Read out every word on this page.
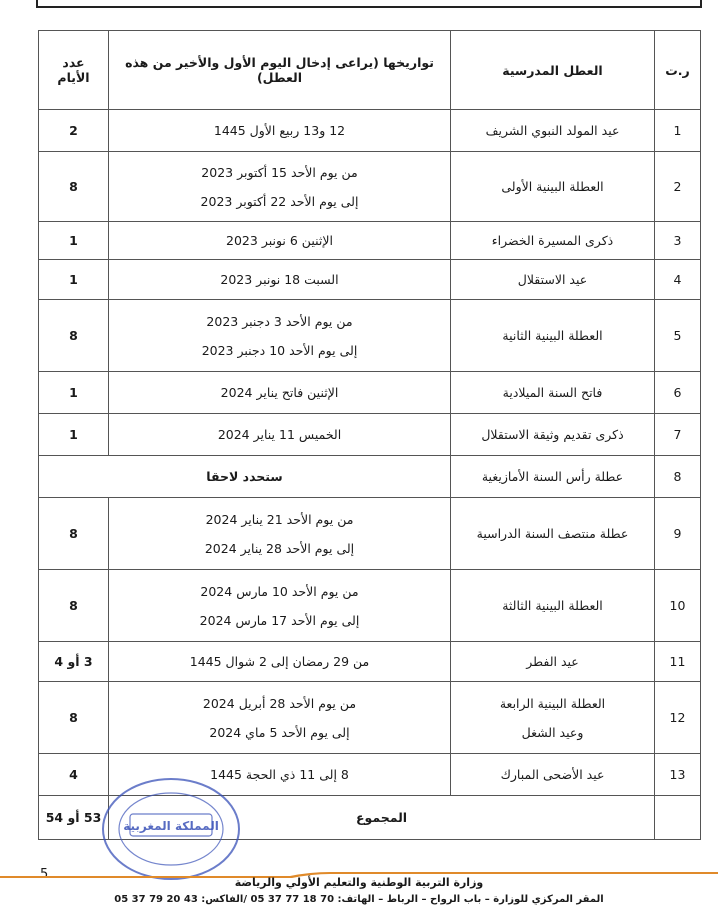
ر.ت	العطل المدرسية	تواريخها (يراعى إدخال اليوم الأول والأخير من هذه العطل)	عدد
الأيام

1	عيد المولد النبوي الشريف	12 و13 ربيع الأول 1445	2
2	العطلة البينية الأولى	من يوم الأحد 15 أكتوبر 2023
إلى يوم الأحد 22 أكتوبر 2023	8
3	ذكرى المسيرة الخضراء	الإثنين 6 نونبر 2023	1
4	عيد الاستقلال	السبت 18 نونبر 2023	1
5	العطلة البينية الثانية	من يوم الأحد 3 دجنبر 2023
إلى يوم الأحد 10 دجنبر 2023	8
6	فاتح السنة الميلادية	الإثنين فاتح يناير 2024	1
7	ذكرى تقديم وثيقة الاستقلال	الخميس 11 يناير 2024	1
8	عطلة رأس السنة الأمازيغية	ستحدد لاحقا	
9	عطلة منتصف السنة الدراسية	من يوم الأحد 21 يناير 2024
إلى يوم الأحد 28 يناير 2024	8
10	العطلة البينية الثالثة	من يوم الأحد 10 مارس 2024
إلى يوم الأحد 17 مارس 2024	8
11	عيد الفطر	من 29 رمضان إلى 2 شوال 1445	3 أو 4
12	العطلة البينية الرابعة
وعيد الشغل	من يوم الأحد 28 أبريل 2024
إلى يوم الأحد 5 ماي 2024	8
13	عيد الأضحى المبارك	8 إلى 11 ذي الحجة 1445	4
	المجموع		53 أو 54
المملكة المغربية
5
وزارة التربية الوطنية والتعليم الأولي والرياضة
المقر المركزي للوزارة – باب الرواح – الرباط – الهاتف: 70 18 77 37 05 /الفاكس: 43 20 79 37 05
